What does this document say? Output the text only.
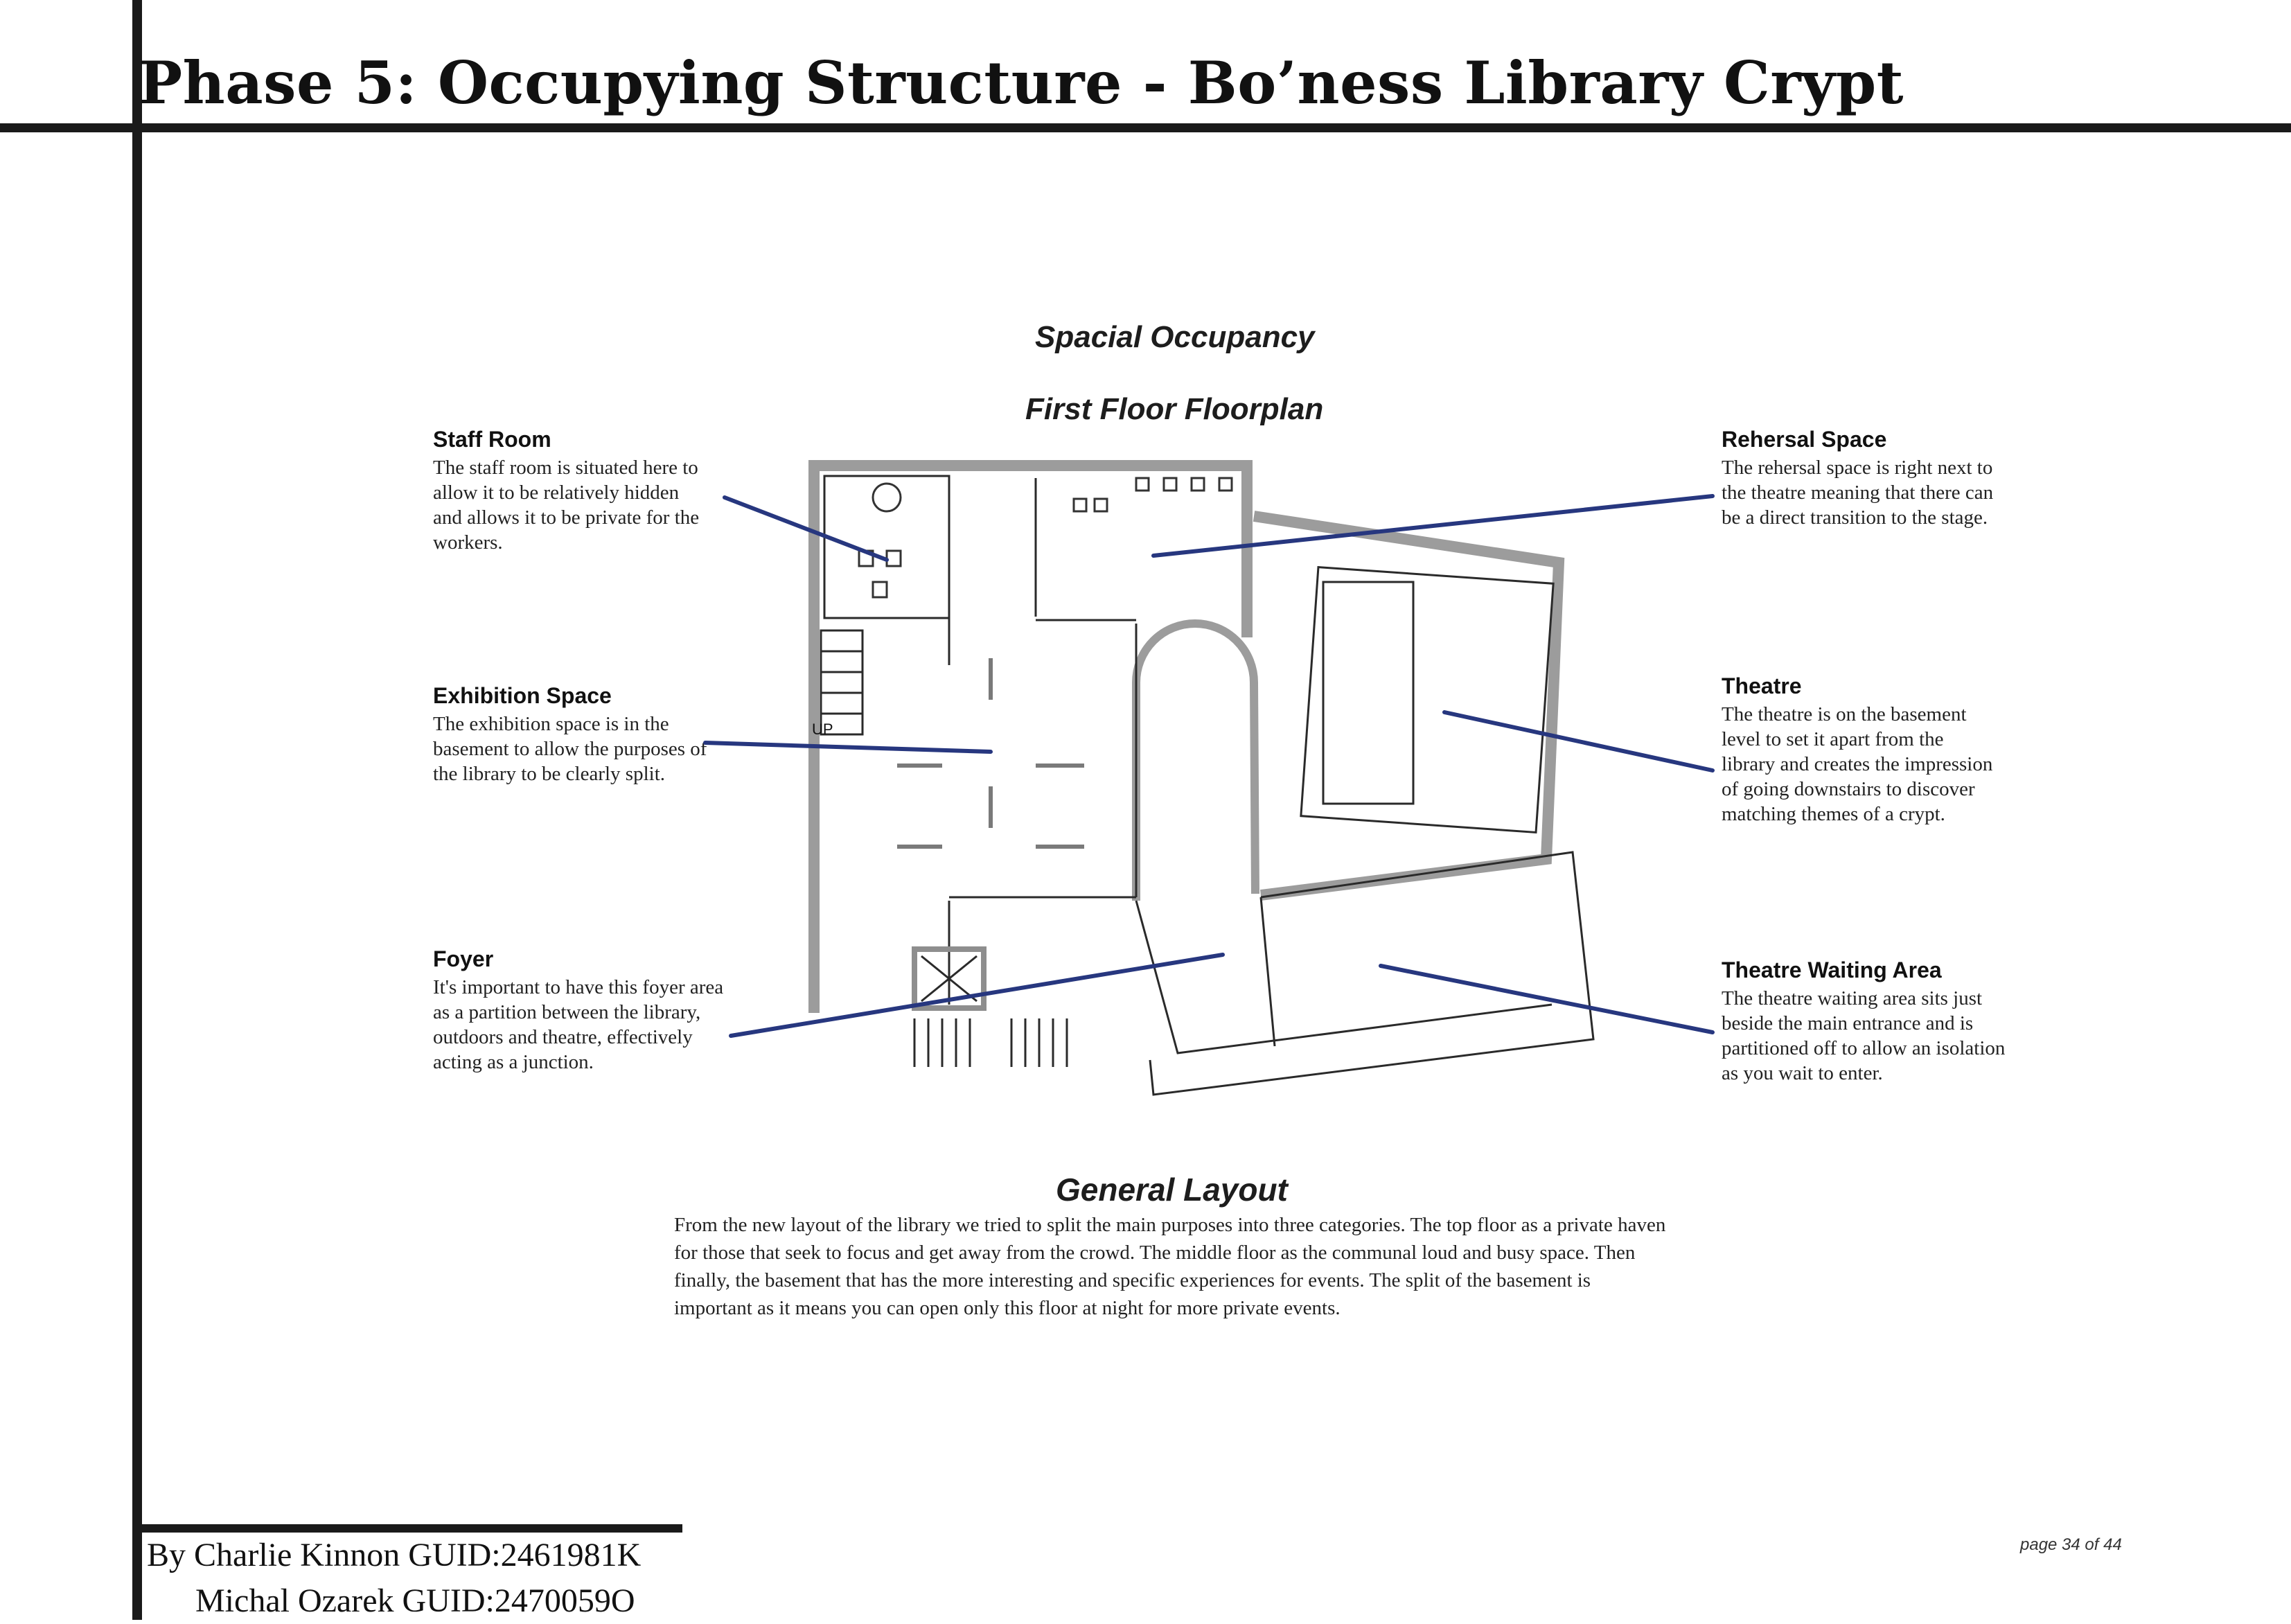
Phase 5: Occupying Structure - Bo’ness Library Crypt
Spacial Occupancy
First Floor Floorplan
Staff Room

The staff room is situated here to allow it to be relatively hidden and allows it to be private for the workers.

Exhibition Space

The exhibition space is in the basement to allow the purposes of the library to be clearly split.

Foyer

It's important to have this foyer area as a partition between the library, outdoors and theatre, effectively acting as a junction.

Rehersal Space

The rehersal space is right next to the theatre meaning that there can be a direct transition to the stage.

Theatre

The theatre is on the basement level to set it apart from the library and creates the impression of going downstairs to discover matching themes of a crypt.

Theatre Waiting Area

The theatre waiting area sits just beside the main entrance and is partitioned off to allow an isolation as you wait to enter.

UP
General Layout

From the new layout of the library we tried to split the main purposes into three categories. The top floor as a private haven for those that seek to focus and get away from the crowd. The middle floor as the communal loud and busy space. Then finally, the basement that has the more interesting and specific experiences for events. The split of the basement is important as it means you can open only this floor at night for more private events.

By Charlie Kinnon GUID:2461981K
Michal Ozarek GUID:2470059O
page 34 of 44
